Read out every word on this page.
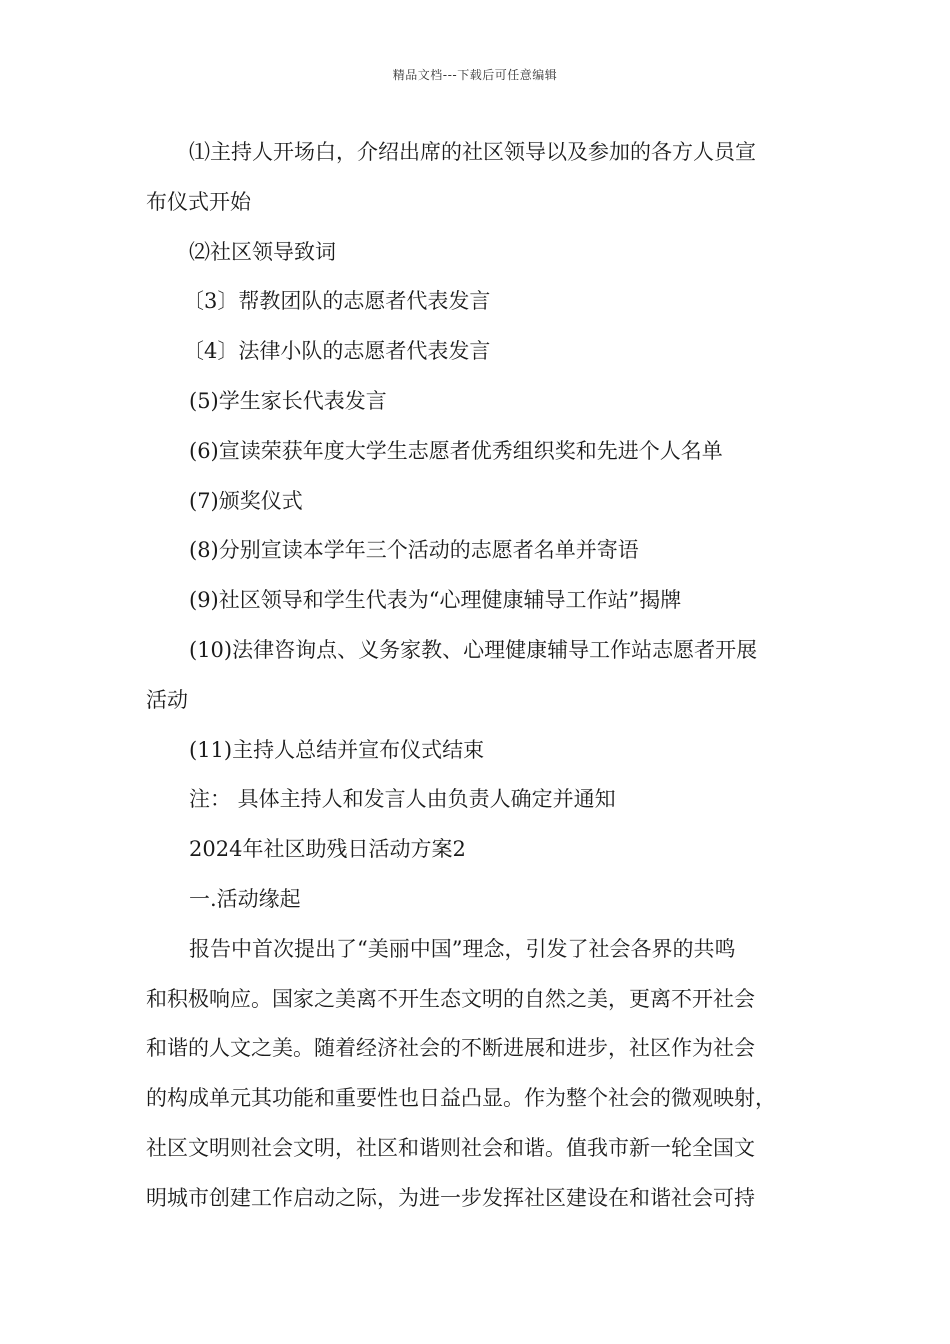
精品文档---下载后可任意编辑
⑴主持人开场白，介绍出席的社区领导以及参加的各方人员宣
布仪式开始
⑵社区领导致词
〔3〕帮教团队的志愿者代表发言
〔4〕法律小队的志愿者代表发言
(5)学生家长代表发言
(6)宣读荣获年度大学生志愿者优秀组织奖和先进个人名单
(7)颁奖仪式
(8)分别宣读本学年三个活动的志愿者名单并寄语
(9)社区领导和学生代表为“心理健康辅导工作站”揭牌
(10)法律咨询点、义务家教、心理健康辅导工作站志愿者开展
活动
(11)主持人总结并宣布仪式结束
注： 具体主持人和发言人由负责人确定并通知
2024年社区助残日活动方案2
一.活动缘起
报告中首次提出了“美丽中国”理念，引发了社会各界的共鸣
和积极响应。国家之美离不开生态文明的自然之美，更离不开社会
和谐的人文之美。随着经济社会的不断进展和进步，社区作为社会
的构成单元其功能和重要性也日益凸显。作为整个社会的微观映射，
社区文明则社会文明，社区和谐则社会和谐。值我市新一轮全国文
明城市创建工作启动之际，为进一步发挥社区建设在和谐社会可持
